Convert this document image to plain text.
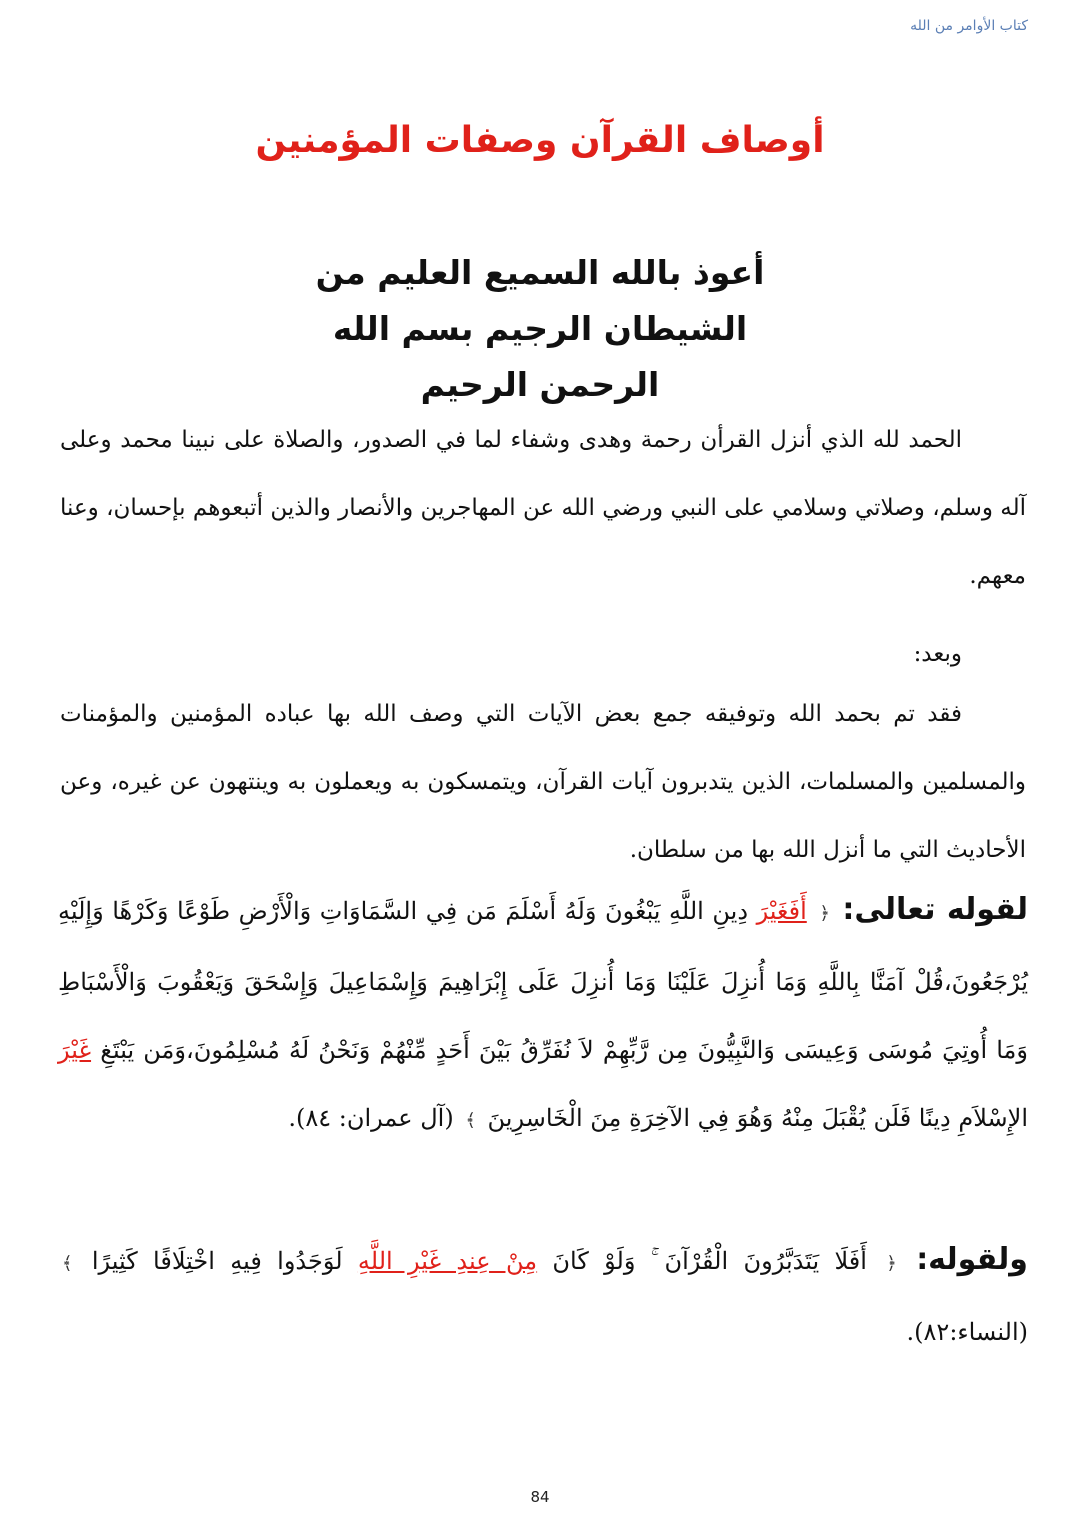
كتاب الأوامر من الله
أوصاف القرآن وصفات المؤمنين
أعوذ بالله السميع العليم من
الشيطان الرجيم بسم الله
الرحمن الرحيم

الحمد لله الذي أنزل القرأن رحمة وهدى وشفاء لما في الصدور، والصلاة على نبينا محمد وعلى آله وسلم، وصلاتي وسلامي على النبي ورضي الله عن المهاجرين والأنصار والذين أتبعوهم بإحسان، وعنا معهم.

وبعد:

فقد تم بحمد الله وتوفيقه جمع بعض الآيات التي وصف الله بها عباده المؤمنين والمؤمنات والمسلمين والمسلمات، الذين يتدبرون آيات القرآن، ويتمسكون به ويعملون به وينتهون عن غيره، وعن الأحاديث التي ما أنزل الله بها من سلطان.

لقوله تعالى: ﴿ أَفَغَيْرَ دِينِ اللَّهِ يَبْغُونَ وَلَهُ أَسْلَمَ مَن فِي السَّمَاوَاتِ وَالْأَرْضِ طَوْعًا وَكَرْهًا وَإِلَيْهِ يُرْجَعُونَ،قُلْ آمَنَّا بِاللَّهِ وَمَا أُنزِلَ عَلَيْنَا وَمَا أُنزِلَ عَلَى إِبْرَاهِيمَ وَإِسْمَاعِيلَ وَإِسْحَقَ وَيَعْقُوبَ وَالْأَسْبَاطِ وَمَا أُوتِيَ مُوسَى وَعِيسَى وَالنَّبِيُّونَ مِن رَّبِّهِمْ لاَ نُفَرِّقُ بَيْنَ أَحَدٍ مِّنْهُمْ وَنَحْنُ لَهُ مُسْلِمُونَ،وَمَن يَبْتَغِ غَيْرَ الإِسْلاَمِ دِينًا فَلَن يُقْبَلَ مِنْهُ وَهُوَ فِي الآخِرَةِ مِنَ الْخَاسِرِينَ ﴾ (آل عمران: ٨٤).

ولقوله: ﴿ أَفَلَا يَتَدَبَّرُونَ الْقُرْآنَ ۚ وَلَوْ كَانَ مِنْ عِندِ غَيْرِ اللَّهِ لَوَجَدُوا فِيهِ اخْتِلَافًا كَثِيرًا ﴾ (النساء:٨٢).

84
